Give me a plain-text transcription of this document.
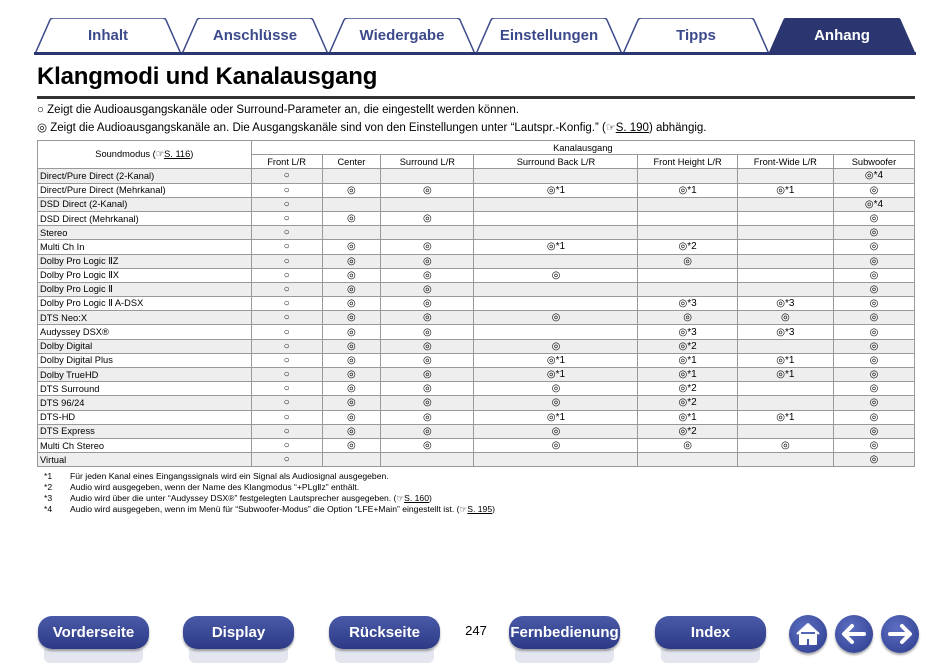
Inhalt	Anschlüsse	Wiedergabe	Einstellungen	Tipps	Anhang
Klangmodi und Kanalausgang
○ Zeigt die Audioausgangskanäle oder Surround-Parameter an, die eingestellt werden können.
◎ Zeigt die Audioausgangskanäle an. Die Ausgangskanäle sind von den Einstellungen unter “Lautspr.-Konfig.” (☞S. 190) abhängig.
Soundmodus (☞S. 116)	Kanalausgang						
	Front L/R	Center	Surround L/R	Surround Back L/R	Front Height L/R	Front-Wide L/R	Subwoofer
Direct/Pure Direct (2-Kanal)	○						◎*4
Direct/Pure Direct (Mehrkanal)	○	◎	◎	◎*1	◎*1	◎*1	◎
DSD Direct (2-Kanal)	○						◎*4
DSD Direct (Mehrkanal)	○	◎	◎				◎
Stereo	○						◎
Multi Ch In	○	◎	◎	◎*1	◎*2		◎
Dolby Pro Logic ⅡZ	○	◎	◎		◎		◎
Dolby Pro Logic ⅡX	○	◎	◎	◎			◎
Dolby Pro Logic Ⅱ	○	◎	◎				◎
Dolby Pro Logic Ⅱ A-DSX	○	◎	◎		◎*3	◎*3	◎
DTS Neo:X	○	◎	◎	◎	◎	◎	◎
Audyssey DSX®	○	◎	◎		◎*3	◎*3	◎
Dolby Digital	○	◎	◎	◎	◎*2		◎
Dolby Digital Plus	○	◎	◎	◎*1	◎*1	◎*1	◎
Dolby TrueHD	○	◎	◎	◎*1	◎*1	◎*1	◎
DTS Surround	○	◎	◎	◎	◎*2		◎
DTS 96/24	○	◎	◎	◎	◎*2		◎
DTS-HD	○	◎	◎	◎*1	◎*1	◎*1	◎
DTS Express	○	◎	◎	◎	◎*2		◎
Multi Ch Stereo	○	◎	◎	◎	◎	◎	◎
Virtual	○						◎
*1 Für jeden Kanal eines Eingangssignals wird ein Signal als Audiosignal ausgegeben.
*2 Audio wird ausgegeben, wenn der Name des Klangmodus “+PLgⅡz” enthält.
*3 Audio wird über die unter “Audyssey DSX®” festgelegten Lautsprecher ausgegeben. (☞S. 160)
*4 Audio wird ausgegeben, wenn im Menü für “Subwoofer-Modus” die Option “LFE+Main” eingestellt ist. (☞S. 195)
Vorderseite	Display	Rückseite	247	Fernbedienung	Index
